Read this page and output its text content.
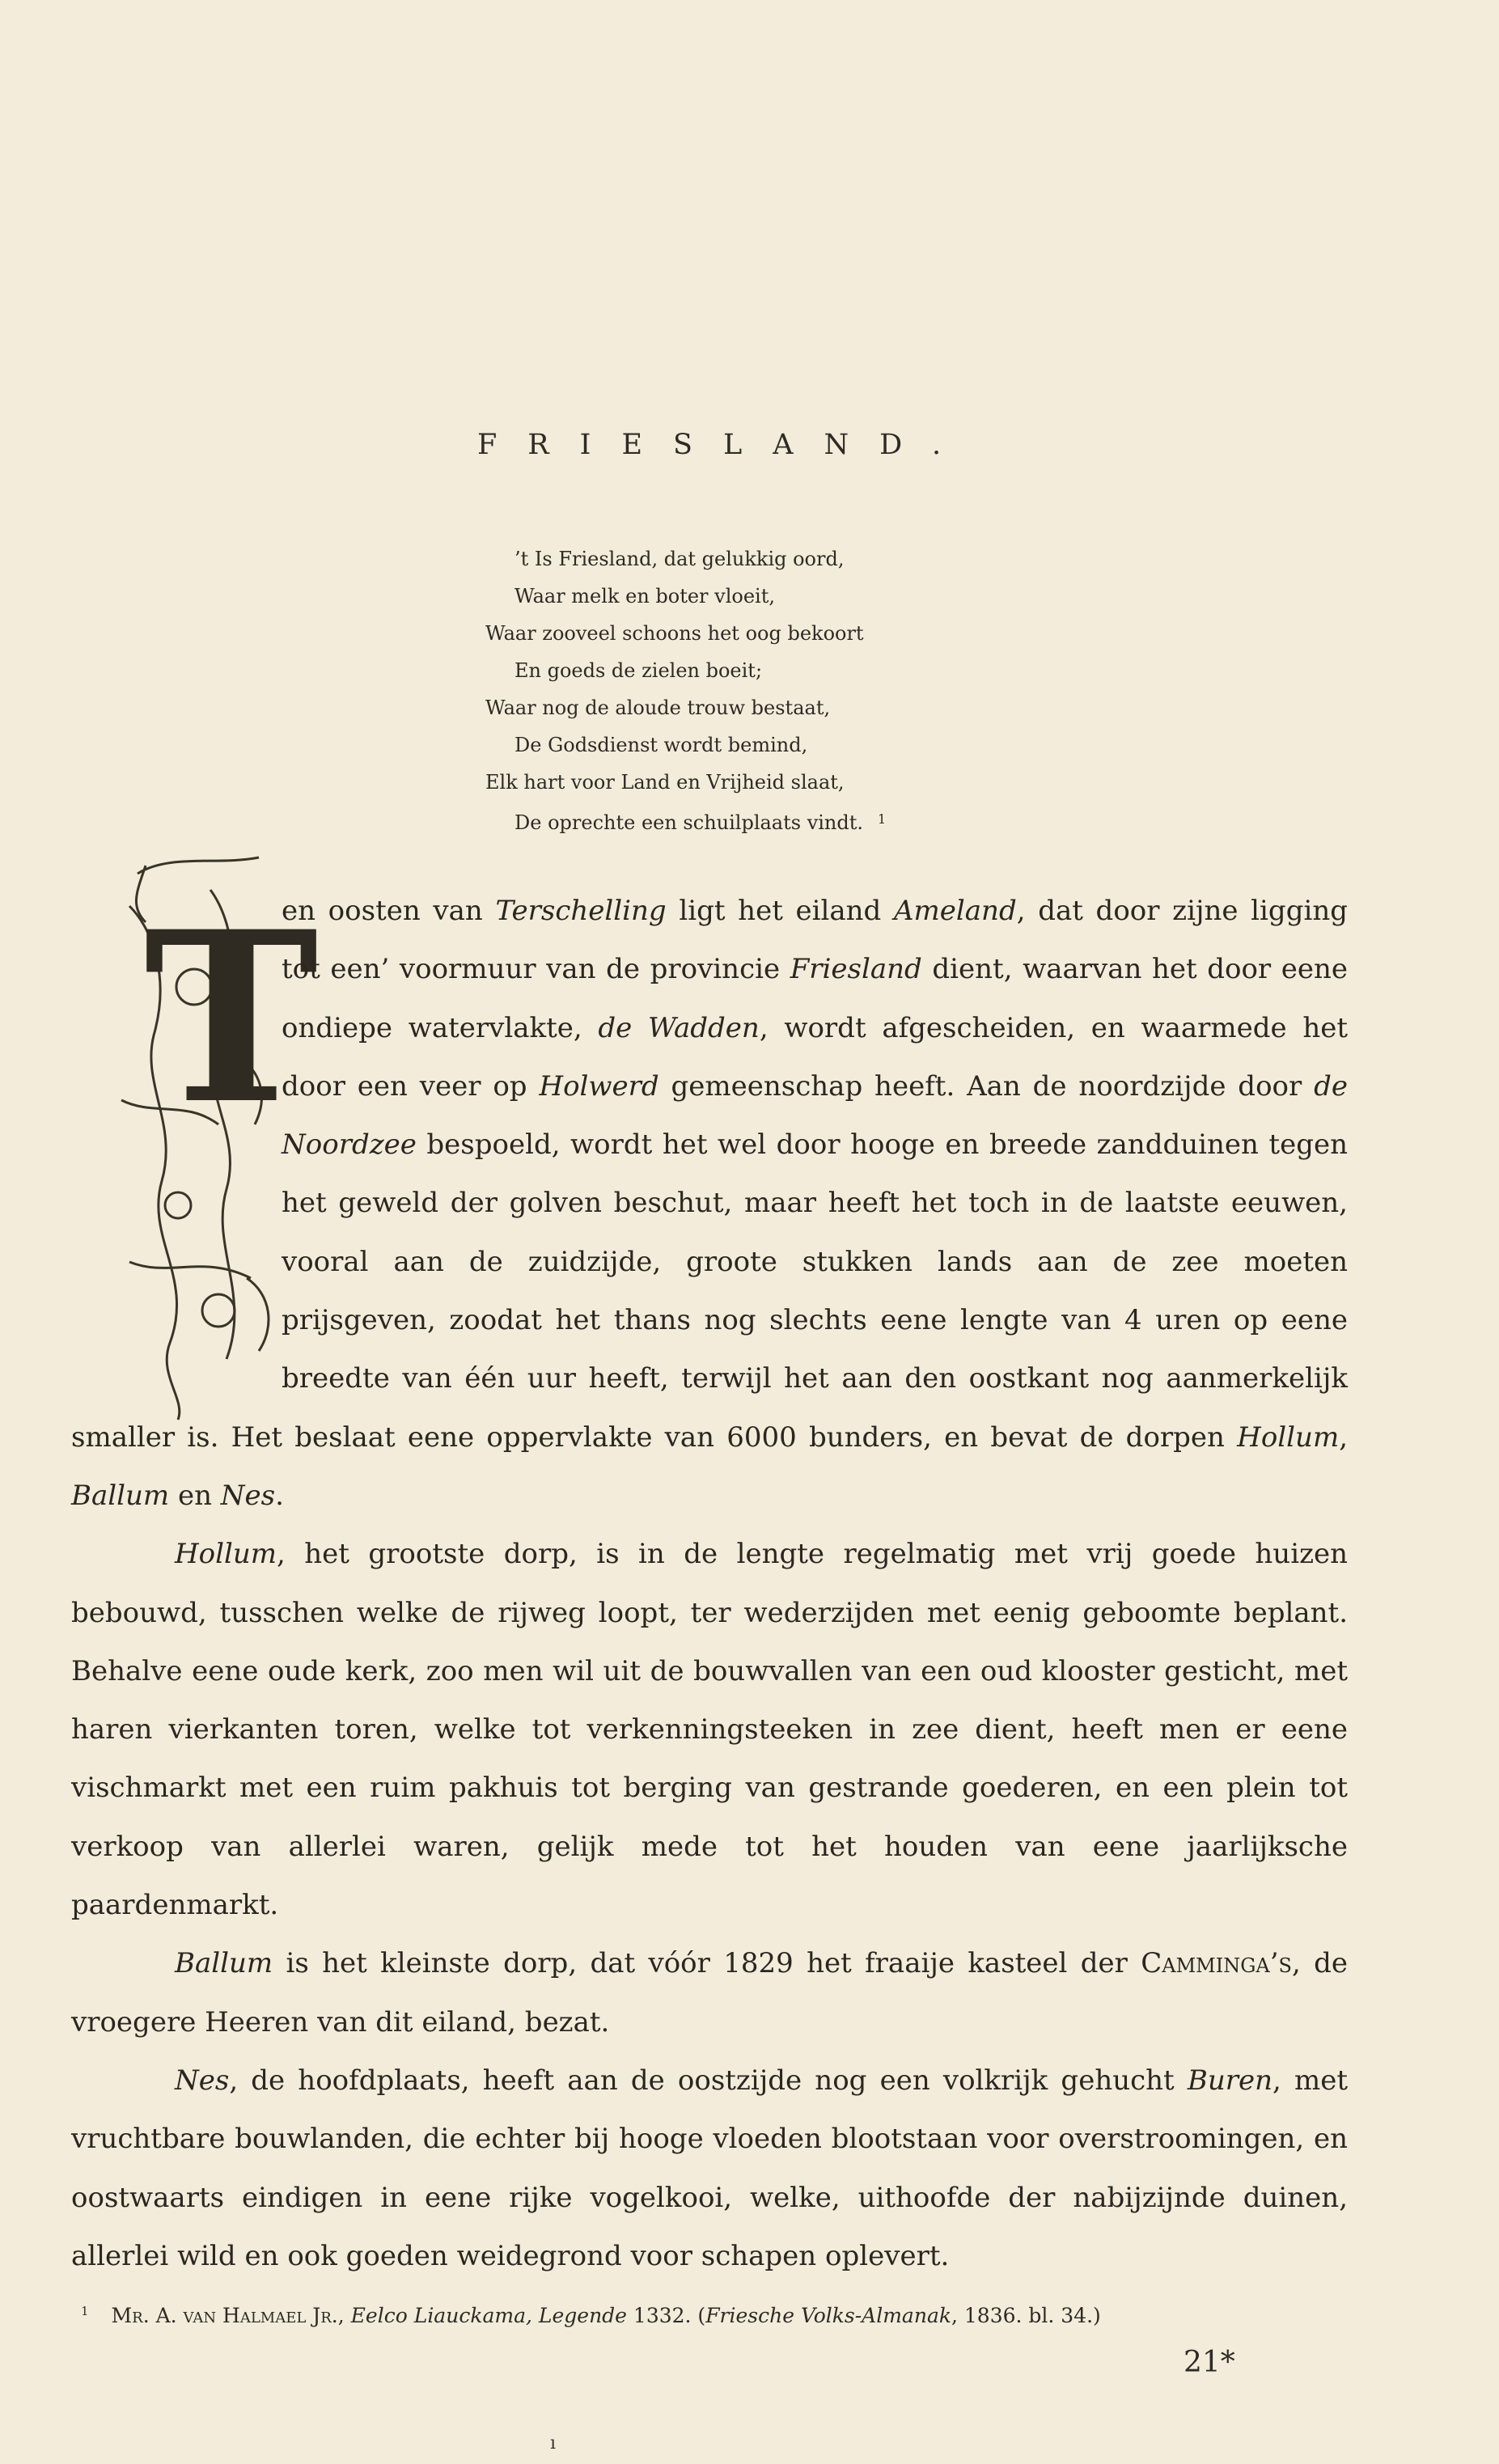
FRIESLAND.
’t Is Friesland, dat gelukkig oord,
Waar melk en boter vloeit,
Waar zooveel schoons het oog bekoort
En goeds de zielen boeit;
Waar nog de aloude trouw bestaat,
De Godsdienst wordt bemind,
Elk hart voor Land en Vrijheid slaat,
De oprechte een schuilplaats vindt. $^1$
T

en oosten van Terschelling ligt het eiland Ameland, dat door zijne ligging tot een’ voormuur van de provincie Friesland dient, waarvan het door eene ondiepe watervlakte, de Wadden, wordt afgescheiden, en waarmede het door een veer op Holwerd gemeenschap heeft. Aan de noordzijde door de Noordzee bespoeld, wordt het wel door hooge en breede zandduinen tegen het geweld der golven beschut, maar heeft het toch in de laatste eeuwen, vooral aan de zuidzijde, groote stukken lands aan de zee moeten prijsgeven, zoodat het thans nog slechts eene lengte van 4 uren op eene breedte van één uur heeft, terwijl het aan den oostkant nog aanmerkelijk smaller is. Het beslaat eene oppervlakte van 6000 bunders, en bevat de dorpen Hollum, Ballum en Nes.

Hollum, het grootste dorp, is in de lengte regelmatig met vrij goede huizen bebouwd, tusschen welke de rijweg loopt, ter wederzijden met eenig geboomte beplant. Behalve eene oude kerk, zoo men wil uit de bouwvallen van een oud klooster gesticht, met haren vierkanten toren, welke tot verkenningsteeken in zee dient, heeft men er eene vischmarkt met een ruim pakhuis tot berging van gestrande goederen, en een plein tot verkoop van allerlei waren, gelijk mede tot het houden van eene jaarlijksche paardenmarkt.

Ballum is het kleinste dorp, dat vóór 1829 het fraaije kasteel der Camminga’s, de vroegere Heeren van dit eiland, bezat.

Nes, de hoofdplaats, heeft aan de oostzijde nog een volkrijk gehucht Buren, met vruchtbare bouwlanden, die echter bij hooge vloeden blootstaan voor overstroomingen, en oostwaarts eindigen in eene rijke vogelkooi, welke, uithoofde der nabijzijnde duinen, allerlei wild en ook goeden weidegrond voor schapen oplevert.

$^1$ Mr. A. van Halmael Jr., Eelco Liauckama, Legende 1332. (Friesche Volks-Almanak, 1836. bl. 34.)
21*
ı
